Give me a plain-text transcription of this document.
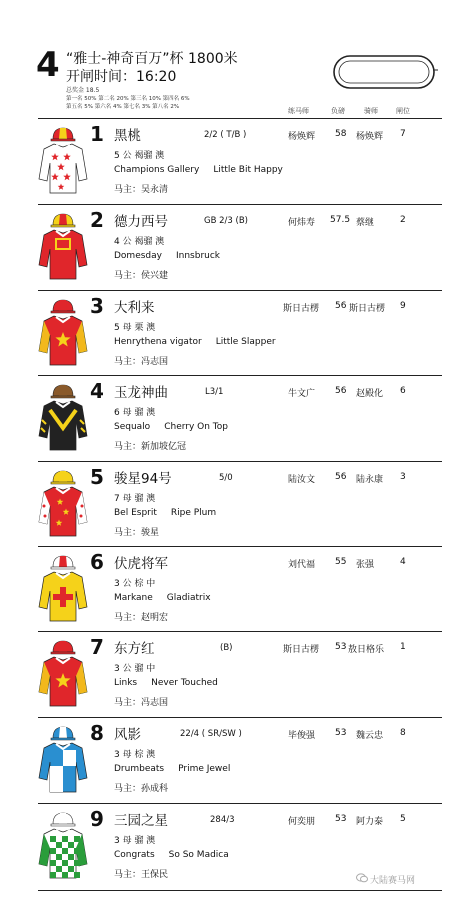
4 “雅士-神奇百万”杯 1800米
开闸时间：16:20
总奖金 18.5
第一名 50% 第二名 20% 第三名 10% 第四名 6%
第五名 5% 第六名 4% 第七名 3% 第八名 2%	练马师	负磅	骑师	闸位
1 黑桃	2/2 ( T/B )	杨焕辉 58 杨焕辉 7
5 公 褐骝 澳
Champions Gallery Little Bit Happy
马主：吴永清
2 德力西号	GB 2/3 (B)	何炜寿 57.5 蔡继	2
4 公 褐骝 澳
Domesday Innsbruck
马主：侯兴建
3 大利来	斯日古楞 56 斯日古楞 9
5 母 栗 澳
Henrythena vigator Little Slapper
马主：冯志国
4 玉龙神曲	L3/1	牛文广 56 赵殿化 6
6 母 骝 澳
Sequalo Cherry On Top
马主：新加坡亿冠
5 骏星94号	5/0	陆汝文 56 陆永康 3
7 母 骝 澳
Bel Esprit Ripe Plum
马主：骏星
6 伏虎将军	刘代福 55 张强	4
3 公 棕 中
Markane Gladiatrix
马主：赵明宏
7 东方红	(B)	斯日古楞 53 敖日格乐 1
3 公 骝 中
Links Never Touched
马主：冯志国
8 风影	22/4 ( SR/SW )	毕俊强 53 魏云忠 8
3 母 棕 澳
Drumbeats Prime Jewel
马主：孙成科
9 三园之星	284/3	何奕朋 53 阿力泰 5
3 母 骝 澳
Congrats So So Madica
马主：王保民
大陆赛马网
